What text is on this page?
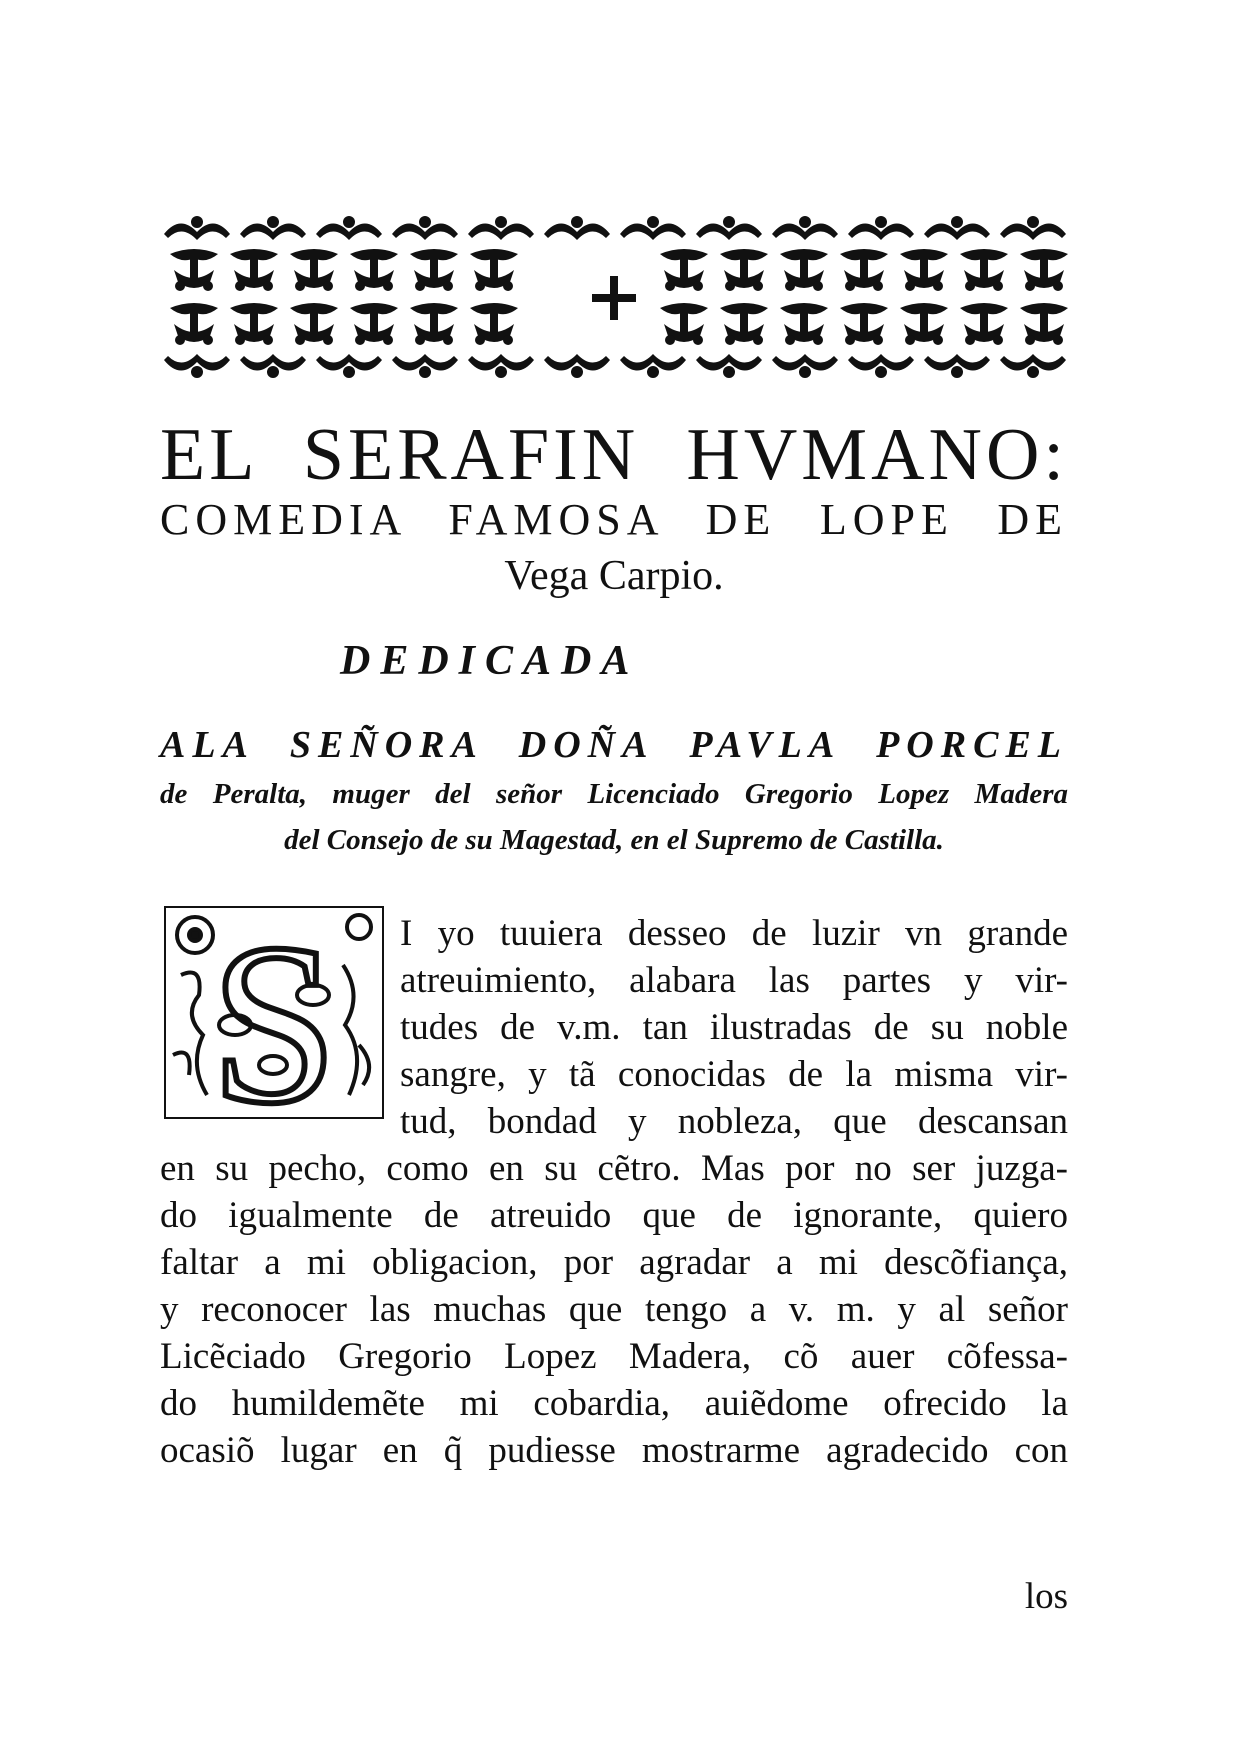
EL SERAFIN HVMANO:
COMEDIA FAMOSA DE LOPE DE
Vega Carpio.
DEDICADA
ALA SEÑORA DOÑA PAVLA PORCEL
de Peralta, muger del señor Licenciado Gregorio Lopez Madera
del Consejo de su Magestad, en el Supremo de Castilla.
S I yo tuuiera desseo de luzir vn grande
atreuimiento, alabara las partes y vir-
tudes de v.m. tan ilustradas de su noble
sangre, y tã conocidas de la misma vir-
tud, bondad y nobleza, que descansan
en su pecho, como en su cẽtro. Mas por no ser juzga-
do igualmente de atreuido que de ignorante, quiero
faltar a mi obligacion, por agradar a mi descõfiança,
y reconocer las muchas que tengo a v. m. y al señor
Licẽciado Gregorio Lopez Madera, cõ auer cõfessa-
do humildemẽte mi cobardia, auiẽdome ofrecido la
ocasiõ lugar en q̃ pudiesse mostrarme agradecido con
los
